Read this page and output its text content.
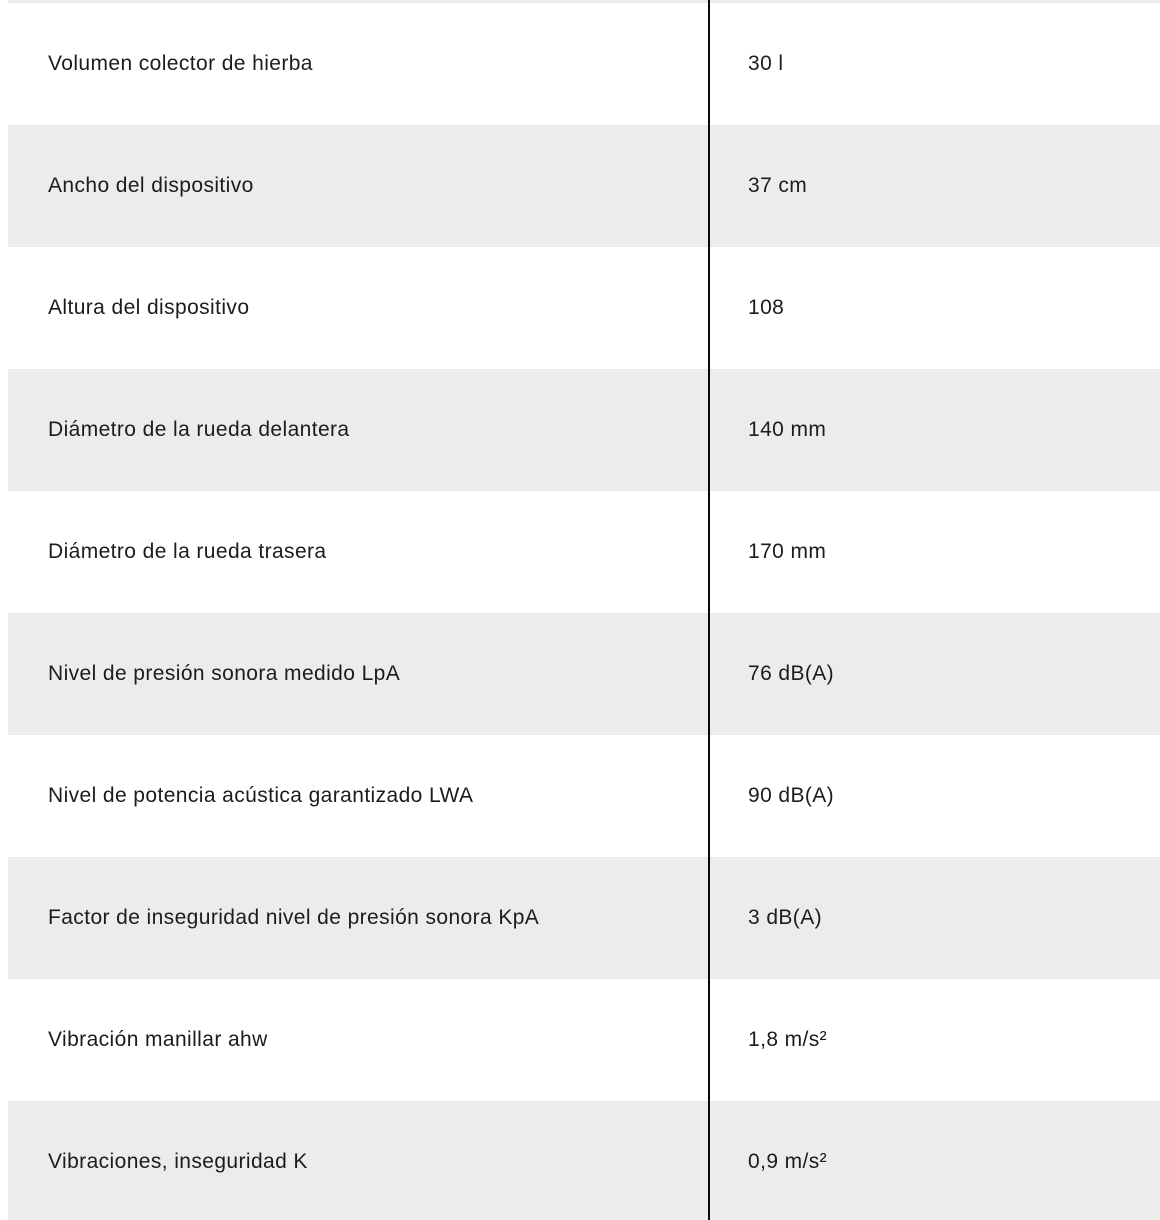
Volumen colector de hierba	30 l
Ancho del dispositivo	37 cm
Altura del dispositivo	108
Diámetro de la rueda delantera	140 mm
Diámetro de la rueda trasera	170 mm
Nivel de presión sonora medido LpA	76 dB(A)
Nivel de potencia acústica garantizado LWA	90 dB(A)
Factor de inseguridad nivel de presión sonora KpA	3 dB(A)
Vibración manillar ahw	1,8 m/s²
Vibraciones, inseguridad K	0,9 m/s²
